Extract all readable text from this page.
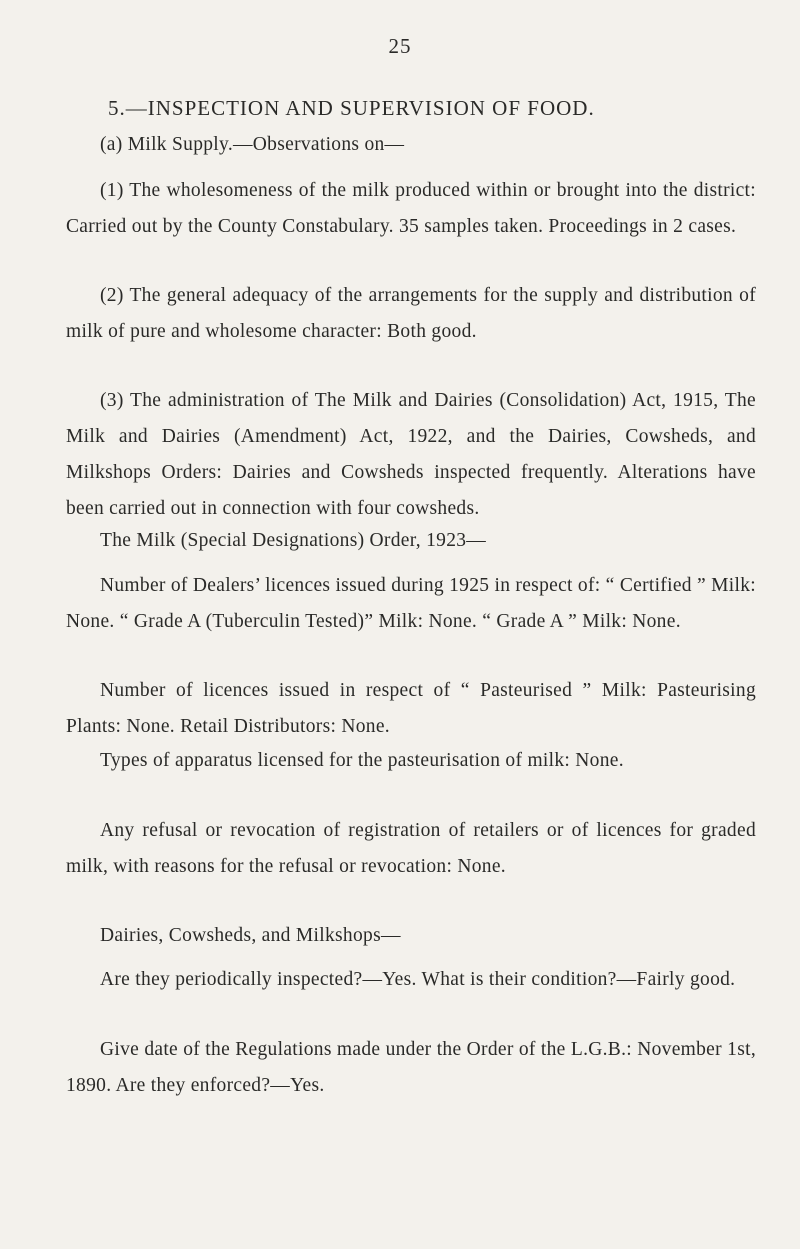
25
5.—INSPECTION AND SUPERVISION OF FOOD.
(a) Milk Supply.—Observations on—
(1) The wholesomeness of the milk produced within or brought into the district: Carried out by the County Constabulary. 35 samples taken. Proceedings in 2 cases.
(2) The general adequacy of the arrangements for the supply and distribution of milk of pure and wholesome character: Both good.
(3) The administration of The Milk and Dairies (Consolidation) Act, 1915, The Milk and Dairies (Amendment) Act, 1922, and the Dairies, Cowsheds, and Milkshops Orders: Dairies and Cowsheds inspected frequently. Alterations have been carried out in connection with four cowsheds.
The Milk (Special Designations) Order, 1923—
Number of Dealers’ licences issued during 1925 in respect of: “ Certified ” Milk: None. “ Grade A (Tuberculin Tested)” Milk: None. “ Grade A ” Milk: None.
Number of licences issued in respect of “ Pasteurised ” Milk: Pasteurising Plants: None. Retail Distributors: None.
Types of apparatus licensed for the pasteurisation of milk: None.
Any refusal or revocation of registration of retailers or of licences for graded milk, with reasons for the refusal or revocation: None.
Dairies, Cowsheds, and Milkshops—
Are they periodically inspected?—Yes. What is their condition?—Fairly good.
Give date of the Regulations made under the Order of the L.G.B.: November 1st, 1890. Are they enforced?—Yes.
